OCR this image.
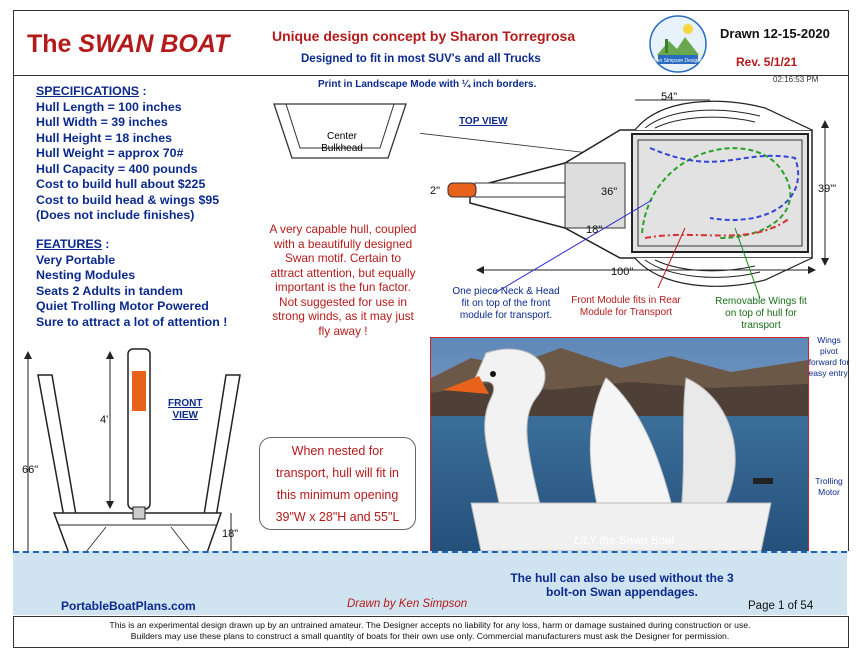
The SWAN BOAT	Unique design concept by Sharon Torregrosa
Designed to fit in most SUV's and all Trucks	Ken Simpson Designs
Drawn 12-15-2020
Rev. 5/1/21
Print in Landscape Mode with ¼ inch borders.	02:16:53 PM
SPECIFICATIONS :
Hull Length = 100 inches
Hull Width = 39 inches
Hull Height = 18 inches
Hull Weight = approx 70#
Hull Capacity = 400 pounds
Cost to build hull about $225
Cost to build head & wings $95
(Does not include finishes)
FEATURES :
Very Portable
Nesting Modules
Seats 2 Adults in tandem
Quiet Trolling Motor Powered
Sure to attract a lot of attention !
Center
Bulkhead
TOP VIEW
54"
39"'
36"
18"
2"
100"
One piece Neck & Head fit on top of the front module for transport.
Front Module fits in Rear Module for Transport
Removable Wings fit on top of hull for transport
A very capable hull, coupled with a beautifully designed Swan motif. Certain to attract attention, but equally important is the fun factor. Not suggested for use in strong winds, as it may just fly away !
When nested for
transport, hull will fit in
this minimum opening
39"W x 28"H and 55"L
FRONT
VIEW
4'
66"
18"
LILY the Swan Boat
Wings pivot forward for easy entry,
Trolling Motor
The hull can also be used without the 3 bolt-on Swan appendages.
PortableBoatPlans.com	Drawn by Ken Simpson	Page 1 of 54
This is an experimental design drawn up by an untrained amateur. The Designer accepts no liability for any loss, harm or damage sustained during construction or use.
Builders may use these plans to construct a small quantity of boats for their own use only. Commercial manufacturers must ask the Designer for permission.
